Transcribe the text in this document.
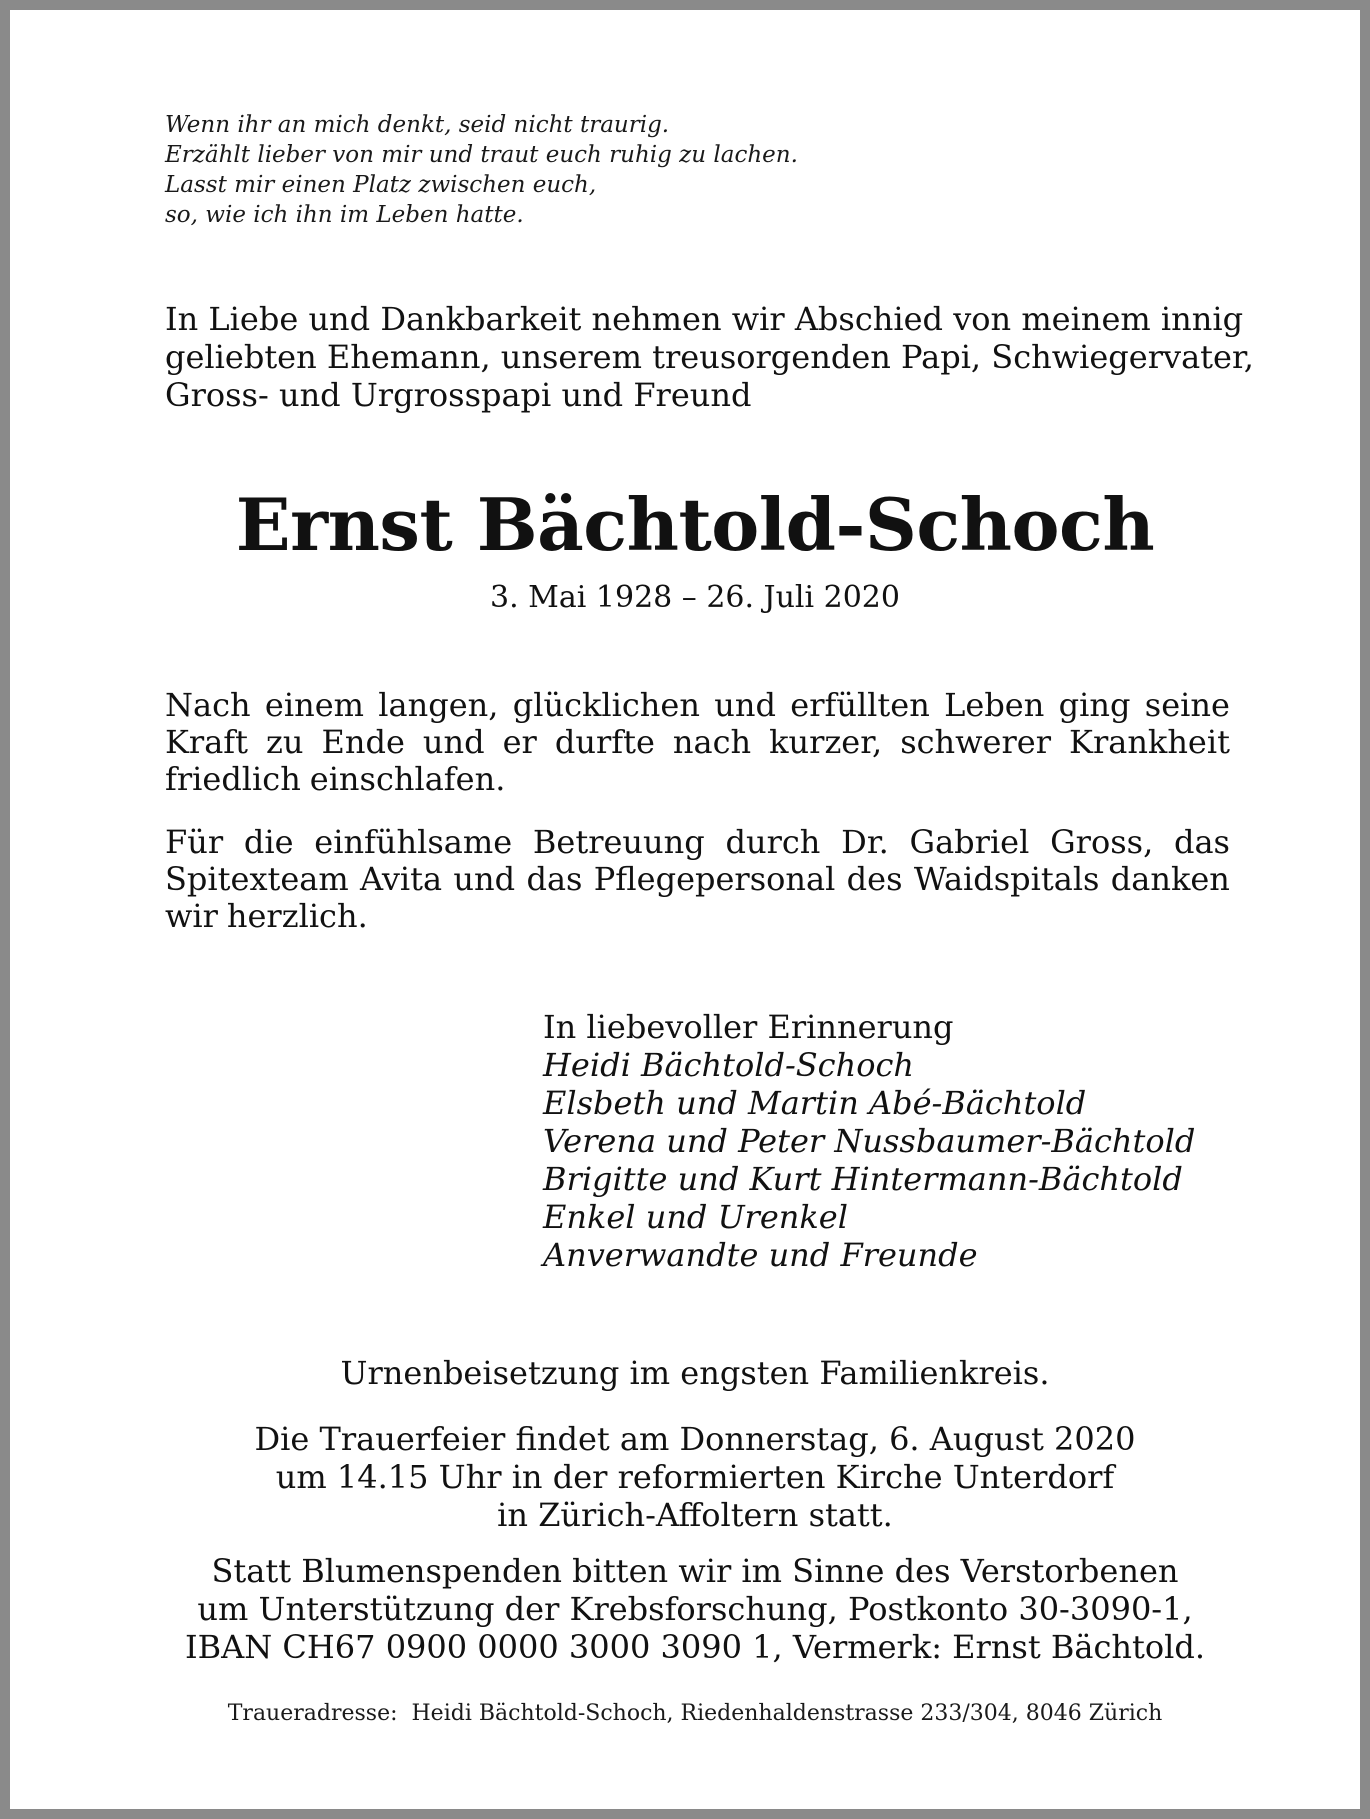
Wenn ihr an mich denkt, seid nicht traurig.
Erzählt lieber von mir und traut euch ruhig zu lachen.
Lasst mir einen Platz zwischen euch,
so, wie ich ihn im Leben hatte.
In Liebe und Dankbarkeit nehmen wir Abschied von meinem innig
geliebten Ehemann, unserem treusorgenden Papi, Schwiegervater,
Gross- und Urgrosspapi und Freund
Ernst Bächtold-Schoch
3. Mai 1928 – 26. Juli 2020
Nach einem langen, glücklichen und erfüllten Leben ging seine
Kraft zu Ende und er durfte nach kurzer, schwerer Krankheit
friedlich einschlafen.
Für die einfühlsame Betreuung durch Dr. Gabriel Gross, das
Spitexteam Avita und das Pflegepersonal des Waidspitals danken
wir herzlich.
In liebevoller Erinnerung
Heidi Bächtold-Schoch
Elsbeth und Martin Abé-Bächtold
Verena und Peter Nussbaumer-Bächtold
Brigitte und Kurt Hintermann-Bächtold
Enkel und Urenkel
Anverwandte und Freunde
Urnenbeisetzung im engsten Familienkreis.
Die Trauerfeier findet am Donnerstag, 6. August 2020
um 14.15 Uhr in der reformierten Kirche Unterdorf
in Zürich-Affoltern statt.
Statt Blumenspenden bitten wir im Sinne des Verstorbenen
um Unterstützung der Krebsforschung, Postkonto 30-3090-1,
IBAN CH67 0900 0000 3000 3090 1, Vermerk: Ernst Bächtold.
Traueradresse:  Heidi Bächtold-Schoch, Riedenhaldenstrasse 233/304, 8046 Zürich
